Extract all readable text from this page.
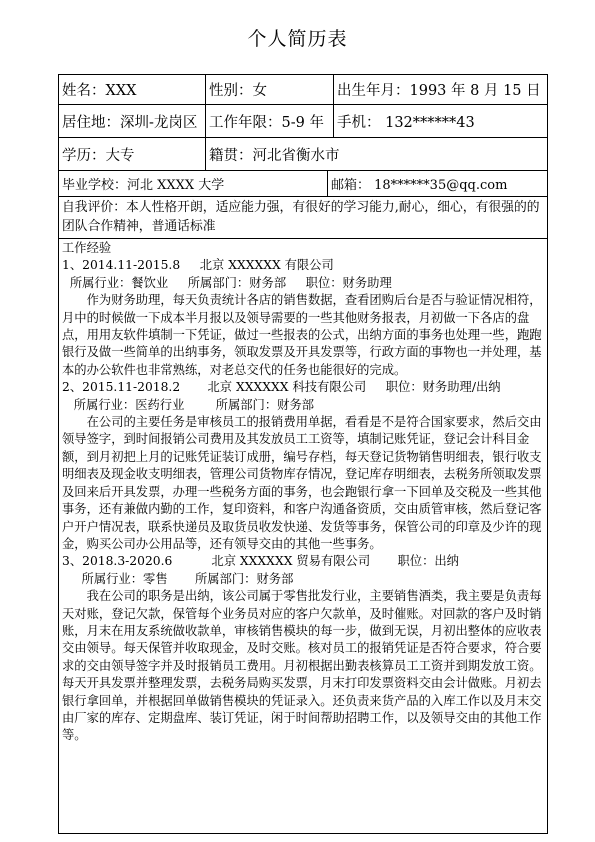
个人简历表
姓名：XXX	性别：女	出生年月：1993 年 8 月 15 日
居住地：深圳-龙岗区 工作年限：5-9 年 手机： 132******43
学历：大专	籍贯：河北省衡水市
毕业学校：河北 XXXX 大学	邮箱： 18******35@qq.com
自我评价：本人性格开朗，适应能力强，有很好的学习能力,耐心，细心，有很强的的团队合作精神，普通话标准

工作经验

1、2014.11-2015.8     北京 XXXXXX 有限公司

所属行业：餐饮业     所属部门：财务部     职位：财务助理

作为财务助理，每天负责统计各店的销售数据，查看团购后台是否与验证情况相符，月中的时候做一下成本半月报以及领导需要的一些其他财务报表，月初做一下各店的盘点，用用友软件填制一下凭证，做过一些报表的公式，出纳方面的事务也处理一些，跑跑银行及做一些简单的出纳事务，领取发票及开具发票等，行政方面的事物也一并处理，基本的办公软件也非常熟练，对老总交代的任务也能很好的完成。

2、2015.11-2018.2       北京 XXXXXX 科技有限公司     职位：财务助理/出纳

所属行业：医药行业        所属部门：财务部

在公司的主要任务是审核员工的报销费用单据，看看是不是符合国家要求，然后交由领导签字，到时间报销公司费用及其发放员工工资等，填制记账凭证，登记会计科目金额，到月初把上月的记账凭证装订成册，编号存档，每天登记货物销售明细表，银行收支明细表及现金收支明细表，管理公司货物库存情况，登记库存明细表，去税务所领取发票及回来后开具发票，办理一些税务方面的事务，也会跑银行拿一下回单及交税及一些其他事务，还有兼做内勤的工作，复印资料，和客户沟通备资质，交由质管审核，然后登记客户开户情况表，联系快递员及取货员收发快递、发货等事务，保管公司的印章及少许的现金，购买公司办公用品等，还有领导交由的其他一些事务。

3、2018.3-2020.6          北京 XXXXXX 贸易有限公司       职位：出纳

所属行业：零售       所属部门：财务部

我在公司的职务是出纳，该公司属于零售批发行业，主要销售酒类，我主要是负责每天对账，登记欠款，保管每个业务员对应的客户欠款单，及时催账。对回款的客户及时销账，月末在用友系统做收款单，审核销售模块的每一步，做到无误，月初出整体的应收表交由领导。每天保管并收取现金，及时交账。核对员工的报销凭证是否符合要求，符合要求的交由领导签字并及时报销员工费用。月初根据出勤表核算员工工资并到期发放工资。每天开具发票并整理发票，去税务局购买发票，月末打印发票资料交由会计做账。月初去银行拿回单，并根据回单做销售模块的凭证录入。还负责来货产品的入库工作以及月末交由厂家的库存、定期盘库、装订凭证，闲于时间帮助招聘工作，以及领导交由的其他工作等。
